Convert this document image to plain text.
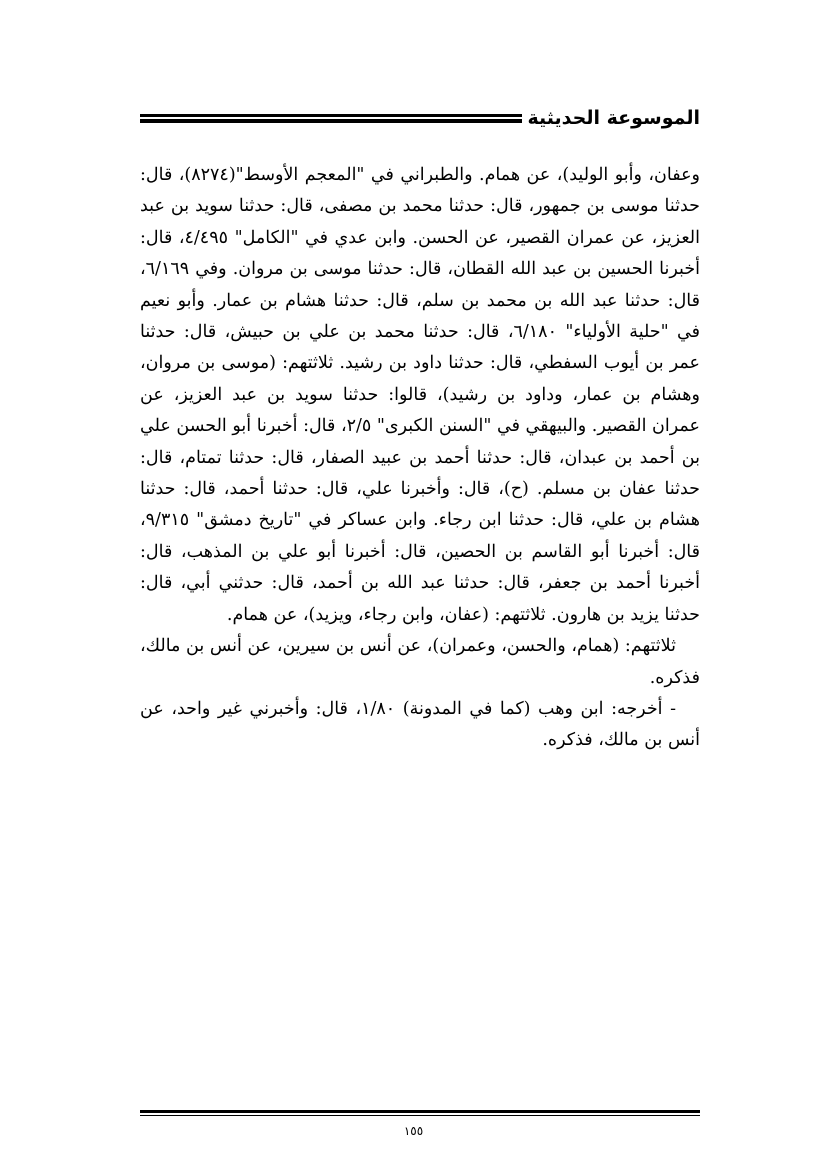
الموسوعة الحديثية

وعفان، وأبو الوليد)، عن همام. والطبراني في "المعجم الأوسط"(٨٢٧٤)، قال: حدثنا موسى بن جمهور، قال: حدثنا محمد بن مصفى، قال: حدثنا سويد بن عبد العزيز، عن عمران القصير، عن الحسن. وابن عدي في "الكامل" ٤/٤٩٥، قال: أخبرنا الحسين بن عبد الله القطان، قال: حدثنا موسى بن مروان. وفي ٦/١٦٩، قال: حدثنا عبد الله بن محمد بن سلم، قال: حدثنا هشام بن عمار. وأبو نعيم في "حلية الأولياء" ٦/١٨٠، قال: حدثنا محمد بن علي بن حبيش، قال: حدثنا عمر بن أيوب السفطي، قال: حدثنا داود بن رشيد. ثلاثتهم: (موسى بن مروان، وهشام بن عمار، وداود بن رشيد)، قالوا: حدثنا سويد بن عبد العزيز، عن عمران القصير. والبيهقي في "السنن الكبرى" ٢/٥، قال: أخبرنا أبو الحسن علي بن أحمد بن عبدان، قال: حدثنا أحمد بن عبيد الصفار، قال: حدثنا تمتام، قال: حدثنا عفان بن مسلم. (ح)، قال: وأخبرنا علي، قال: حدثنا أحمد، قال: حدثنا هشام بن علي، قال: حدثنا ابن رجاء. وابن عساكر في "تاريخ دمشق" ٩/٣١٥، قال: أخبرنا أبو القاسم بن الحصين، قال: أخبرنا أبو علي بن المذهب، قال: أخبرنا أحمد بن جعفر، قال: حدثنا عبد الله بن أحمد، قال: حدثني أبي، قال: حدثنا يزيد بن هارون. ثلاثتهم: (عفان، وابن رجاء، ويزيد)، عن همام.

ثلاثتهم: (همام، والحسن، وعمران)، عن أنس بن سيرين، عن أنس بن مالك، فذكره.

- أخرجه: ابن وهب (كما في المدونة) ١/٨٠، قال: وأخبرني غير واحد، عن أنس بن مالك، فذكره.

١٥٥
